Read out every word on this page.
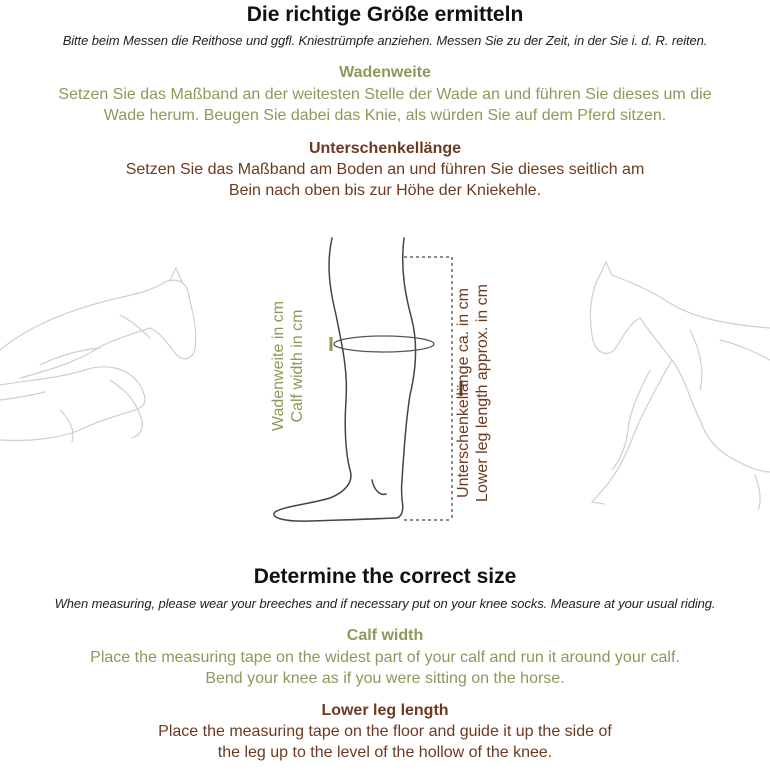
Die richtige Größe ermitteln
Bitte beim Messen die Reithose und ggfl. Kniestrümpfe anziehen. Messen Sie zu der Zeit, in der Sie i. d. R. reiten.
Wadenweite
Setzen Sie das Maßband an der weitesten Stelle der Wade an und führen Sie dieses um die
Wade herum. Beugen Sie dabei das Knie, als würden Sie auf dem Pferd sitzen.
Unterschenkellänge
Setzen Sie das Maßband am Boden an und führen Sie dieses seitlich am
Bein nach oben bis zur Höhe der Kniekehle.
Wadenweite in cm Calf width in cm	Unterschenkellänge ca. in cm Lower leg length approx. in cm
Determine the correct size
When measuring, please wear your breeches and if necessary put on your knee socks. Measure at your usual riding.
Calf width
Place the measuring tape on the widest part of your calf and run it around your calf.
Bend your knee as if you were sitting on the horse.
Lower leg length
Place the measuring tape on the floor and guide it up the side of
the leg up to the level of the hollow of the knee.
